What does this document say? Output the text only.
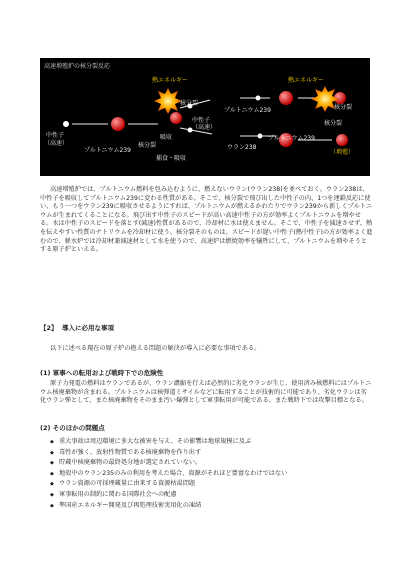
高速増殖炉の核分裂反応
熱エネルギー	熱エネルギー
核分裂
核分裂
中性子
（高速）
中性子
（高速）
プルトニウム239
プルトニウム239
プルトニウム239
ウラン238
吸収
核分裂
捕食・吸収
核分裂
（増殖）

高速増殖炉では、プルトニウム燃料を包み込むように、燃えないウラン(ウラン238)を並べておく。ウラン238は、中性子を吸収してプルトニウム239に変わる性質がある。そこで、核分裂で飛び出した中性子の内、1つを連鎖反応に使い、もう一つをウラン239に吸収させるようにすれば、プルトニウムが燃えるかわたりでウラン239から新しくプルトニウムが生まれてくることになる。飛び出す中性子のスピードが高い高速中性子の方が効率よくプルトニウムを増やせる。水は中性子のスピードを落とす(減速)性質があるので、冷却材に水は使えません。そこで、中性子を減速させず、熱を伝えやすい性質のナトリウムを冷却材に使う。核分裂そのものは、スピードが遅い中性子(熱中性子)の方が効率よく進むので、軽水炉では冷却材兼減速材として水を使うので、高速炉は燃焼効率を犠牲にして、プルトニウムを増やそうとする原子炉といえる。

【2】 導入に必用な事項

以下に述べる現在の原子炉の抱える問題の解決が導入に必要な事項である。

(1) 軍事への転用および戦時下での危険性

原子力発電の燃料はウランであるが、ウラン濃縮を行えば必然的に劣化ウランが生じ、使用済み核燃料にはプルトニウム核廃棄物が含まれる。プルトニウムは核弾道ミサイルなどに転用することが技術的に可能であり、劣化ウランは劣化ウラン弾として、また核廃棄物をそのまま汚い爆弾として軍事転用が可能である。また戦時下では攻撃目標となる。

(2) そのほかの問題点
◆ 重大事故は周辺環境に多大な被害を与え、その影響は地球規模に及ぶ
◆ 毒性が強く、放射性物質である核廃棄物を作り出す
◆ 貯蔵中核廃棄物の最終処分地が選定されていない。
◆ 地殻中のウラン235のみの利用を考えた場合、資源がそれほど豊富なわけではない
◆ ウラン資源の可採埋蔵量に由来する資源枯渇問題
◆ 軍事転用の制約に関わる国際社会への配慮
◆ 準国産エネルギー開発及び再処理技術実用化の凍結
